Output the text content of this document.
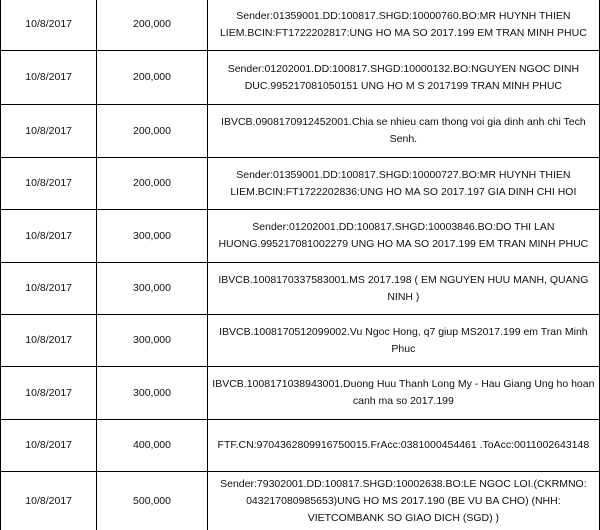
10/8/2017	200,000	Sender:01359001.DD:100817.SHGD:10000760.BO:MR HUYNH THIEN LIEM.BCIN:FT1722202817:UNG HO MA SO 2017.199 EM TRAN MINH PHUC
10/8/2017	200,000	Sender:01202001.DD:100817.SHGD:10000132.BO:NGUYEN NGOC DINH DUC.995217081050151 UNG HO M S 2017199 TRAN MINH PHUC
10/8/2017	200,000	IBVCB.0908170912452001.Chia se nhieu cam thong voi gia dinh anh chi Tech Senh.
10/8/2017	200,000	Sender:01359001.DD:100817.SHGD:10000727.BO:MR HUYNH THIEN LIEM.BCIN:FT1722202836:UNG HO MA SO 2017.197 GIA DINH CHI HOI
10/8/2017	300,000	Sender:01202001.DD:100817.SHGD:10003846.BO:DO THI LAN HUONG.995217081002279 UNG HO MA SO 2017.199 EM TRAN MINH PHUC
10/8/2017	300,000	IBVCB.1008170337583001.MS 2017.198 ( EM NGUYEN HUU MANH, QUANG NINH )
10/8/2017	300,000	IBVCB.1008170512099002.Vu Ngoc Hong, q7 giup MS2017.199 em Tran Minh Phuc
10/8/2017	300,000	IBVCB.1008171038943001.Duong Huu Thanh Long My - Hau Giang Ung ho hoan canh ma so 2017.199
10/8/2017	400,000	FTF.CN:9704362809916750015.FrAcc:0381000454461 .ToAcc:0011002643148
10/8/2017	500,000	Sender:79302001.DD:100817.SHGD:10002638.BO:LE NGOC LOI.(CKRMNO: 043217080985653)UNG HO MS 2017.190 (BE VU BA CHO) (NHH: VIETCOMBANK SO GIAO DICH (SGD) )
